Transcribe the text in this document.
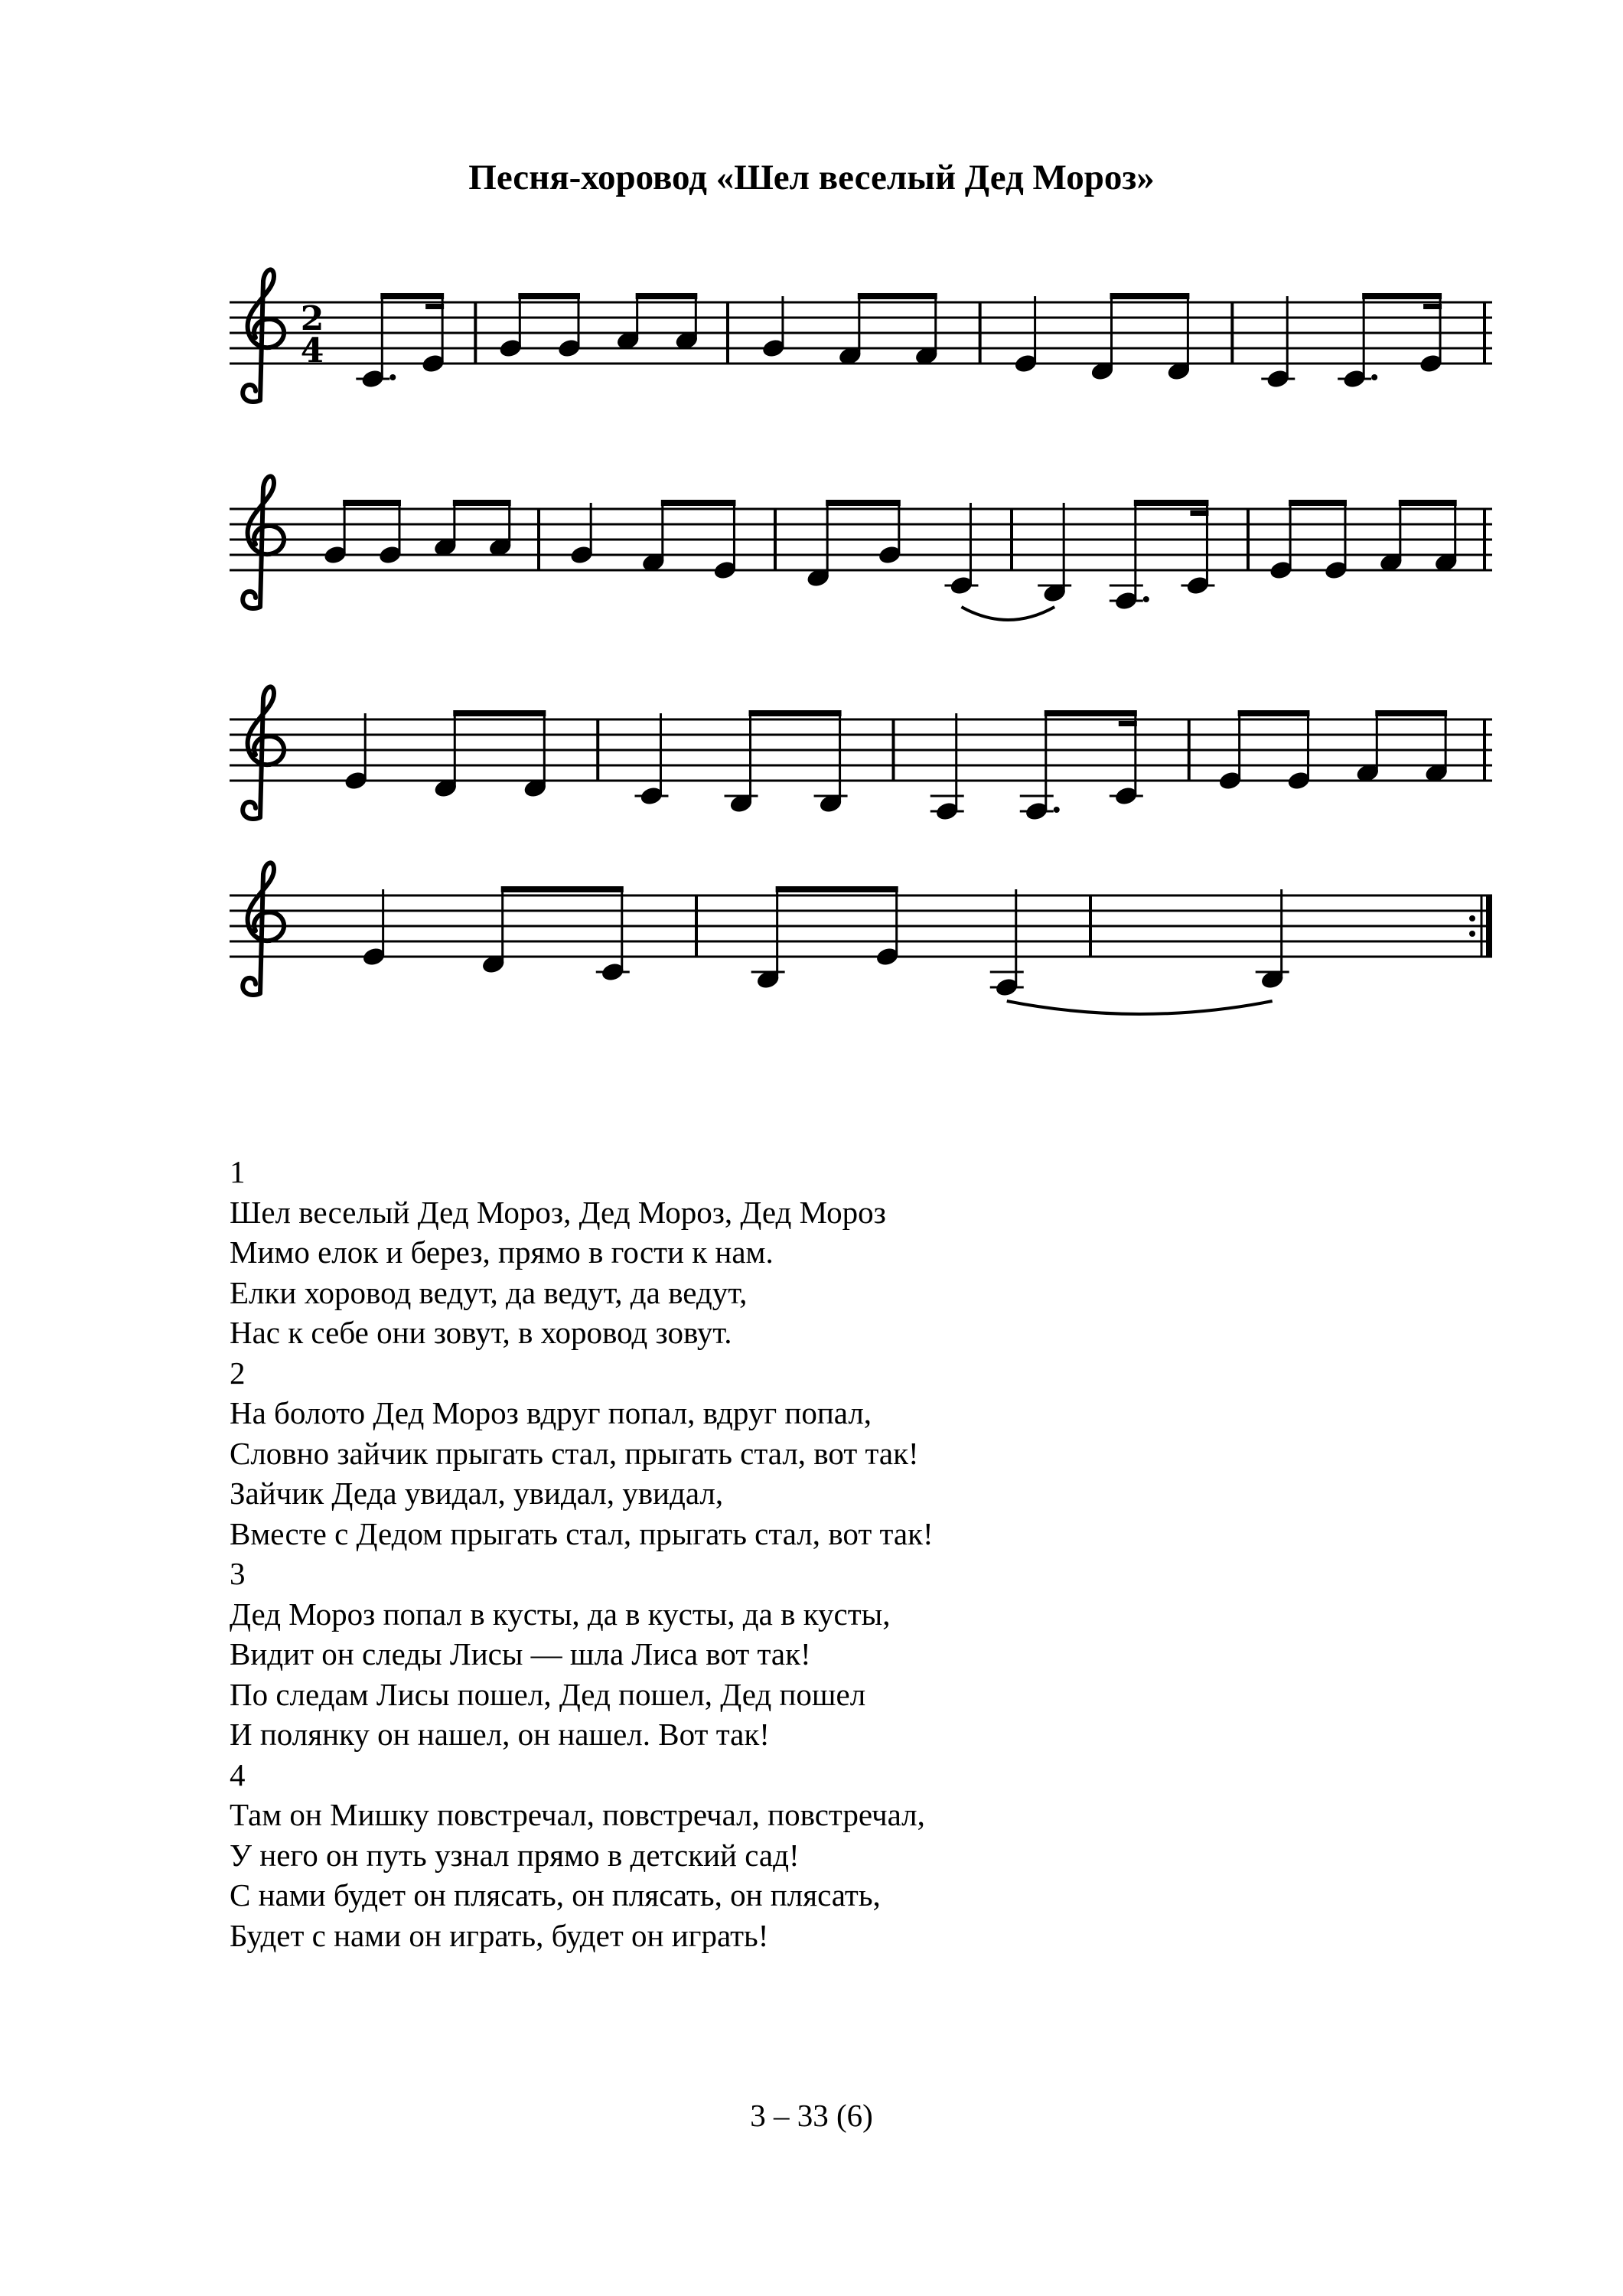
Песня-хоровод «Шел веселый Дед Мороз»
2
4
1
Шел веселый Дед Мороз, Дед Мороз, Дед Мороз
Мимо елок и берез, прямо в гости к нам.
Елки хоровод ведут, да ведут, да ведут,
Нас к себе они зовут, в хоровод зовут.
2
На болото Дед Мороз вдруг попал, вдруг попал,
Словно зайчик прыгать стал, прыгать стал, вот так!
Зайчик Деда увидал, увидал, увидал,
Вместе с Дедом прыгать стал, прыгать стал, вот так!
3
Дед Мороз попал в кусты, да в кусты, да в кусты,
Видит он следы Лисы — шла Лиса вот так!
По следам Лисы пошел, Дед пошел, Дед пошел
И полянку он нашел, он нашел. Вот так!
4
Там он Мишку повстречал, повстречал, повстречал,
У него он путь узнал прямо в детский сад!
С нами будет он плясать, он плясать, он плясать,
Будет с нами он играть, будет он играть!
3 – 33 (6)
